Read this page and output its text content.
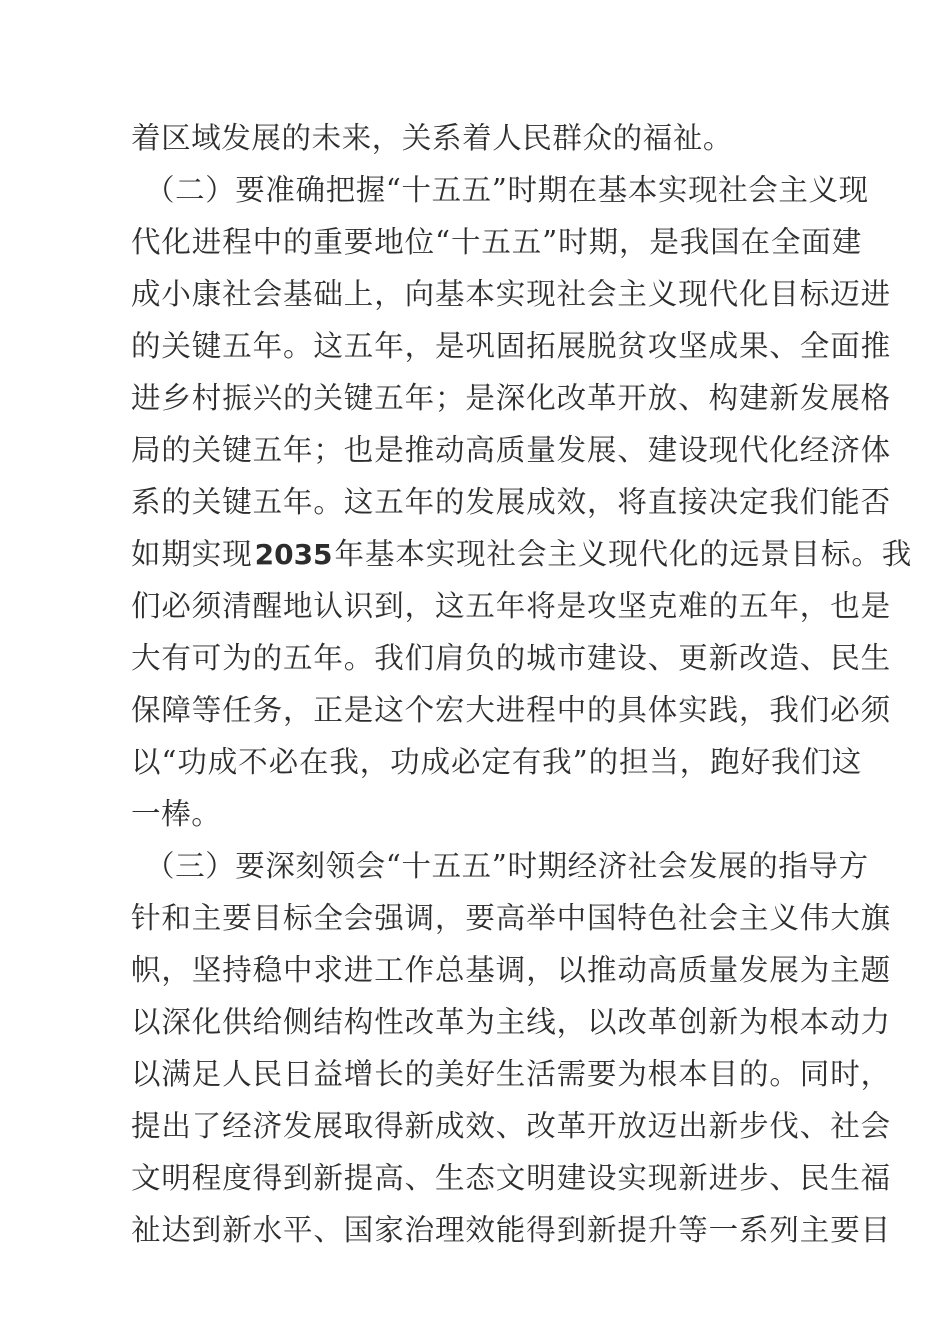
着区域发展的未来，关系着人民群众的福祉。
（二）要准确把握“十五五”时期在基本实现社会主义现
代化进程中的重要地位“十五五”时期，是我国在全面建
成小康社会基础上，向基本实现社会主义现代化目标迈进
的关键五年。这五年，是巩固拓展脱贫攻坚成果、全面推
进乡村振兴的关键五年；是深化改革开放、构建新发展格
局的关键五年；也是推动高质量发展、建设现代化经济体
系的关键五年。这五年的发展成效，将直接决定我们能否
如期实现2035年基本实现社会主义现代化的远景目标。我
们必须清醒地认识到，这五年将是攻坚克难的五年，也是
大有可为的五年。我们肩负的城市建设、更新改造、民生
保障等任务，正是这个宏大进程中的具体实践，我们必须
以“功成不必在我，功成必定有我”的担当，跑好我们这
一棒。
（三）要深刻领会“十五五”时期经济社会发展的指导方
针和主要目标全会强调，要高举中国特色社会主义伟大旗
帜，坚持稳中求进工作总基调，以推动高质量发展为主题
以深化供给侧结构性改革为主线，以改革创新为根本动力
以满足人民日益增长的美好生活需要为根本目的。同时，
提出了经济发展取得新成效、改革开放迈出新步伐、社会
文明程度得到新提高、生态文明建设实现新进步、民生福
祉达到新水平、国家治理效能得到新提升等一系列主要目
